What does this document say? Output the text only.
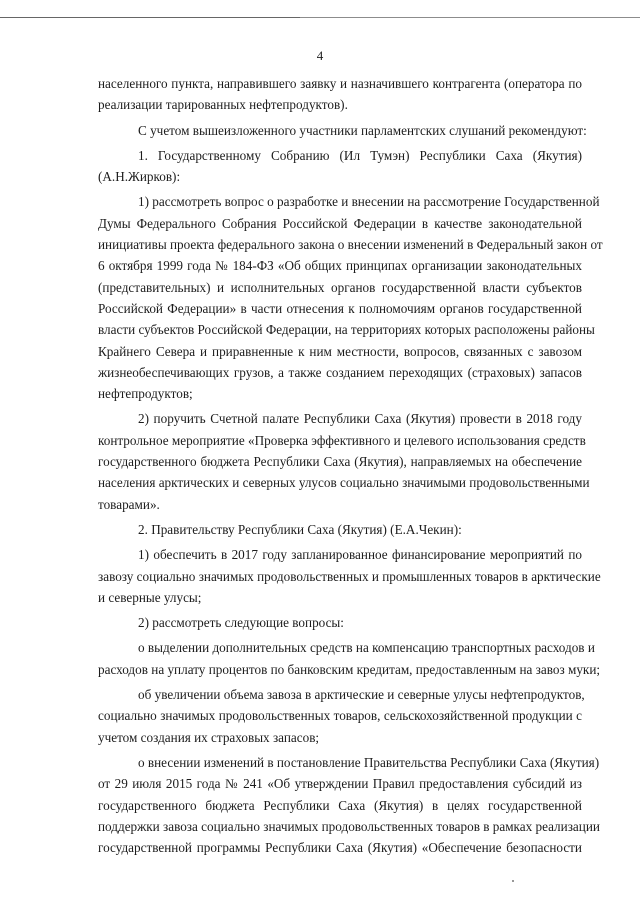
4

населенного пункта, направившего заявку и назначившего контрагента (оператора по
реализации тарированных нефтепродуктов).

С учетом вышеизложенного участники парламентских слушаний рекомендуют:

1. Государственному Собранию (Ил Тумэн) Республики Саха (Якутия)
(А.Н.Жирков):

1) рассмотреть вопрос о разработке и внесении на рассмотрение Государственной
Думы Федерального Собрания Российской Федерации в качестве законодательной
инициативы проекта федерального закона о внесении изменений в Федеральный закон от
6 октября 1999 года № 184-ФЗ «Об общих принципах организации законодательных
(представительных) и исполнительных органов государственной власти субъектов
Российской Федерации» в части отнесения к полномочиям органов государственной
власти субъектов Российской Федерации, на территориях которых расположены районы
Крайнего Севера и приравненные к ним местности, вопросов, связанных с завозом
жизнеобеспечивающих грузов, а также созданием переходящих (страховых) запасов
нефтепродуктов;

2) поручить Счетной палате Республики Саха (Якутия) провести в 2018 году
контрольное мероприятие «Проверка эффективного и целевого использования средств
государственного бюджета Республики Саха (Якутия), направляемых на обеспечение
населения арктических и северных улусов социально значимыми продовольственными
товарами».

2. Правительству Республики Саха (Якутия) (Е.А.Чекин):

1) обеспечить в 2017 году запланированное финансирование мероприятий по
завозу социально значимых продовольственных и промышленных товаров в арктические
и северные улусы;

2) рассмотреть следующие вопросы:

о выделении дополнительных средств на компенсацию транспортных расходов и
расходов на уплату процентов по банковским кредитам, предоставленным на завоз муки;

об увеличении объема завоза в арктические и северные улусы нефтепродуктов,
социально значимых продовольственных товаров, сельскохозяйственной продукции с
учетом создания их страховых запасов;

о внесении изменений в постановление Правительства Республики Саха (Якутия)
от 29 июля 2015 года № 241 «Об утверждении Правил предоставления субсидий из
государственного бюджета Республики Саха (Якутия) в целях государственной
поддержки завоза социально значимых продовольственных товаров в рамках реализации
государственной программы Республики Саха (Якутия) «Обеспечение безопасности
